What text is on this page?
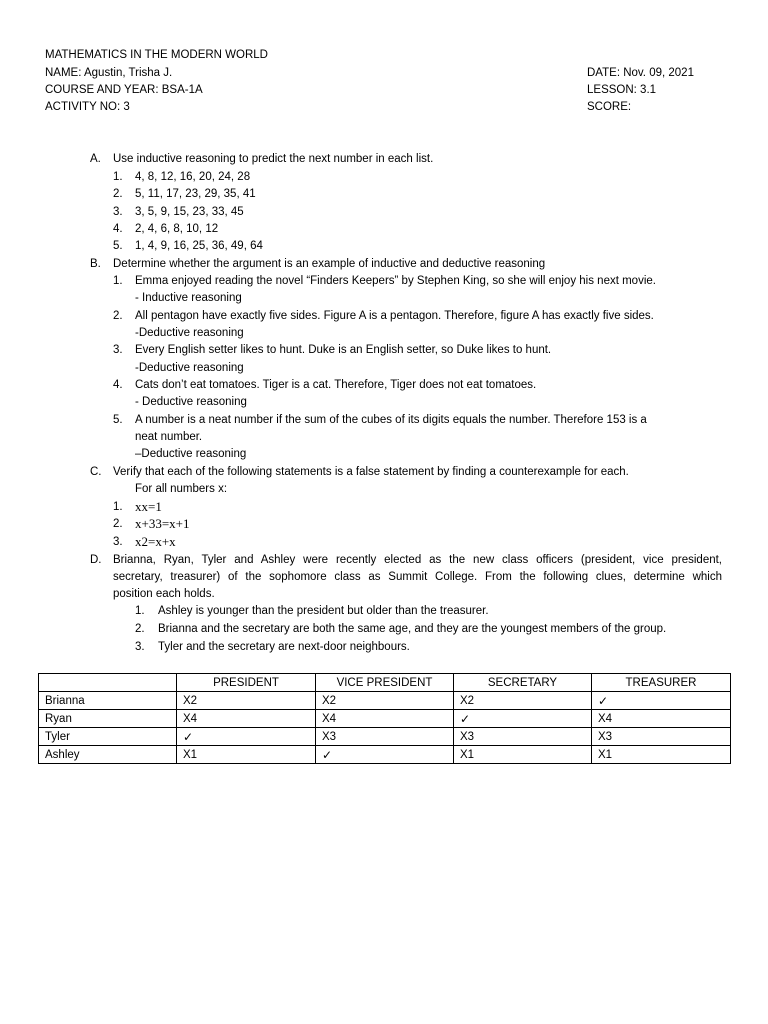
MATHEMATICS IN THE MODERN WORLD
NAME: Agustin, Trisha J.
COURSE AND YEAR: BSA-1A
ACTIVITY NO: 3
DATE: Nov. 09, 2021
LESSON: 3.1
SCORE:
A. Use inductive reasoning to predict the next number in each list.
1. 4, 8, 12, 16, 20, 24, 28
2. 5, 11, 17, 23, 29, 35, 41
3. 3, 5, 9, 15, 23, 33, 45
4. 2, 4, 6, 8, 10, 12
5. 1, 4, 9, 16, 25, 36, 49, 64
B. Determine whether the argument is an example of inductive and deductive reasoning
1. Emma enjoyed reading the novel “Finders Keepers” by Stephen King, so she will enjoy his next movie.
- Inductive reasoning
2. All pentagon have exactly five sides. Figure A is a pentagon. Therefore, figure A has exactly five sides.
-Deductive reasoning
3. Every English setter likes to hunt. Duke is an English setter, so Duke likes to hunt.
-Deductive reasoning
4. Cats don’t eat tomatoes. Tiger is a cat. Therefore, Tiger does not eat tomatoes.
- Deductive reasoning
5. A number is a neat number if the sum of the cubes of its digits equals the number. Therefore 153 is a
neat number.
–Deductive reasoning
C. Verify that each of the following statements is a false statement by finding a counterexample for each.
For all numbers x:
1. xx=1
2. x+33=x+1
3. x2=x+x
D. Brianna, Ryan, Tyler and Ashley were recently elected as the new class officers (president, vice president,
secretary, treasurer) of the sophomore class as Summit College. From the following clues, determine which
position each holds.
1. Ashley is younger than the president but older than the treasurer.
2. Brianna and the secretary are both the same age, and they are the youngest members of the group.
3. Tyler and the secretary are next-door neighbours.
	PRESIDENT	VICE PRESIDENT	SECRETARY	TREASURER
Brianna	X2	X2	X2	✓
Ryan	X4	X4	✓	X4
Tyler	✓	X3	X3	X3
Ashley	X1	✓	X1	X1
